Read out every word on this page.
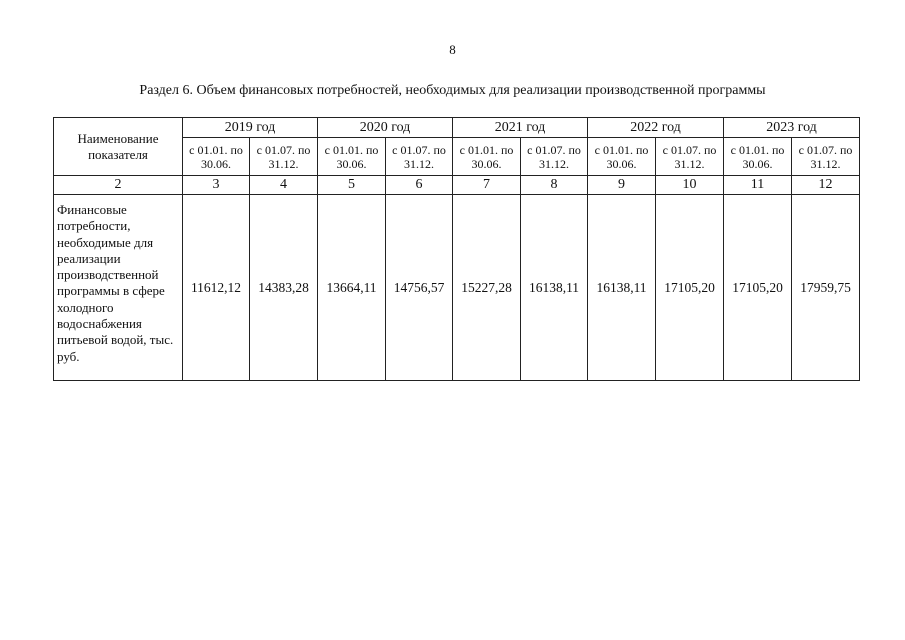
8
Раздел 6. Объем финансовых потребностей, необходимых для реализации производственной программы
Наименование показателя	2019 год		2020 год		2021 год		2022 год		2023 год	
	с 01.01. по 30.06.	с 01.07. по 31.12.	с 01.01. по 30.06.	с 01.07. по 31.12.	с 01.01. по 30.06.	с 01.07. по 31.12.	с 01.01. по 30.06.	с 01.07. по 31.12.	с 01.01. по 30.06.	с 01.07. по 31.12.
2	3	4	5	6	7	8	9	10	11	12
Финансовые потребности, необходимые для реализации производственной программы в сфере холодного водоснабжения питьевой водой, тыс. руб.	11612,12	14383,28	13664,11	14756,57	15227,28	16138,11	16138,11	17105,20	17105,20	17959,75
